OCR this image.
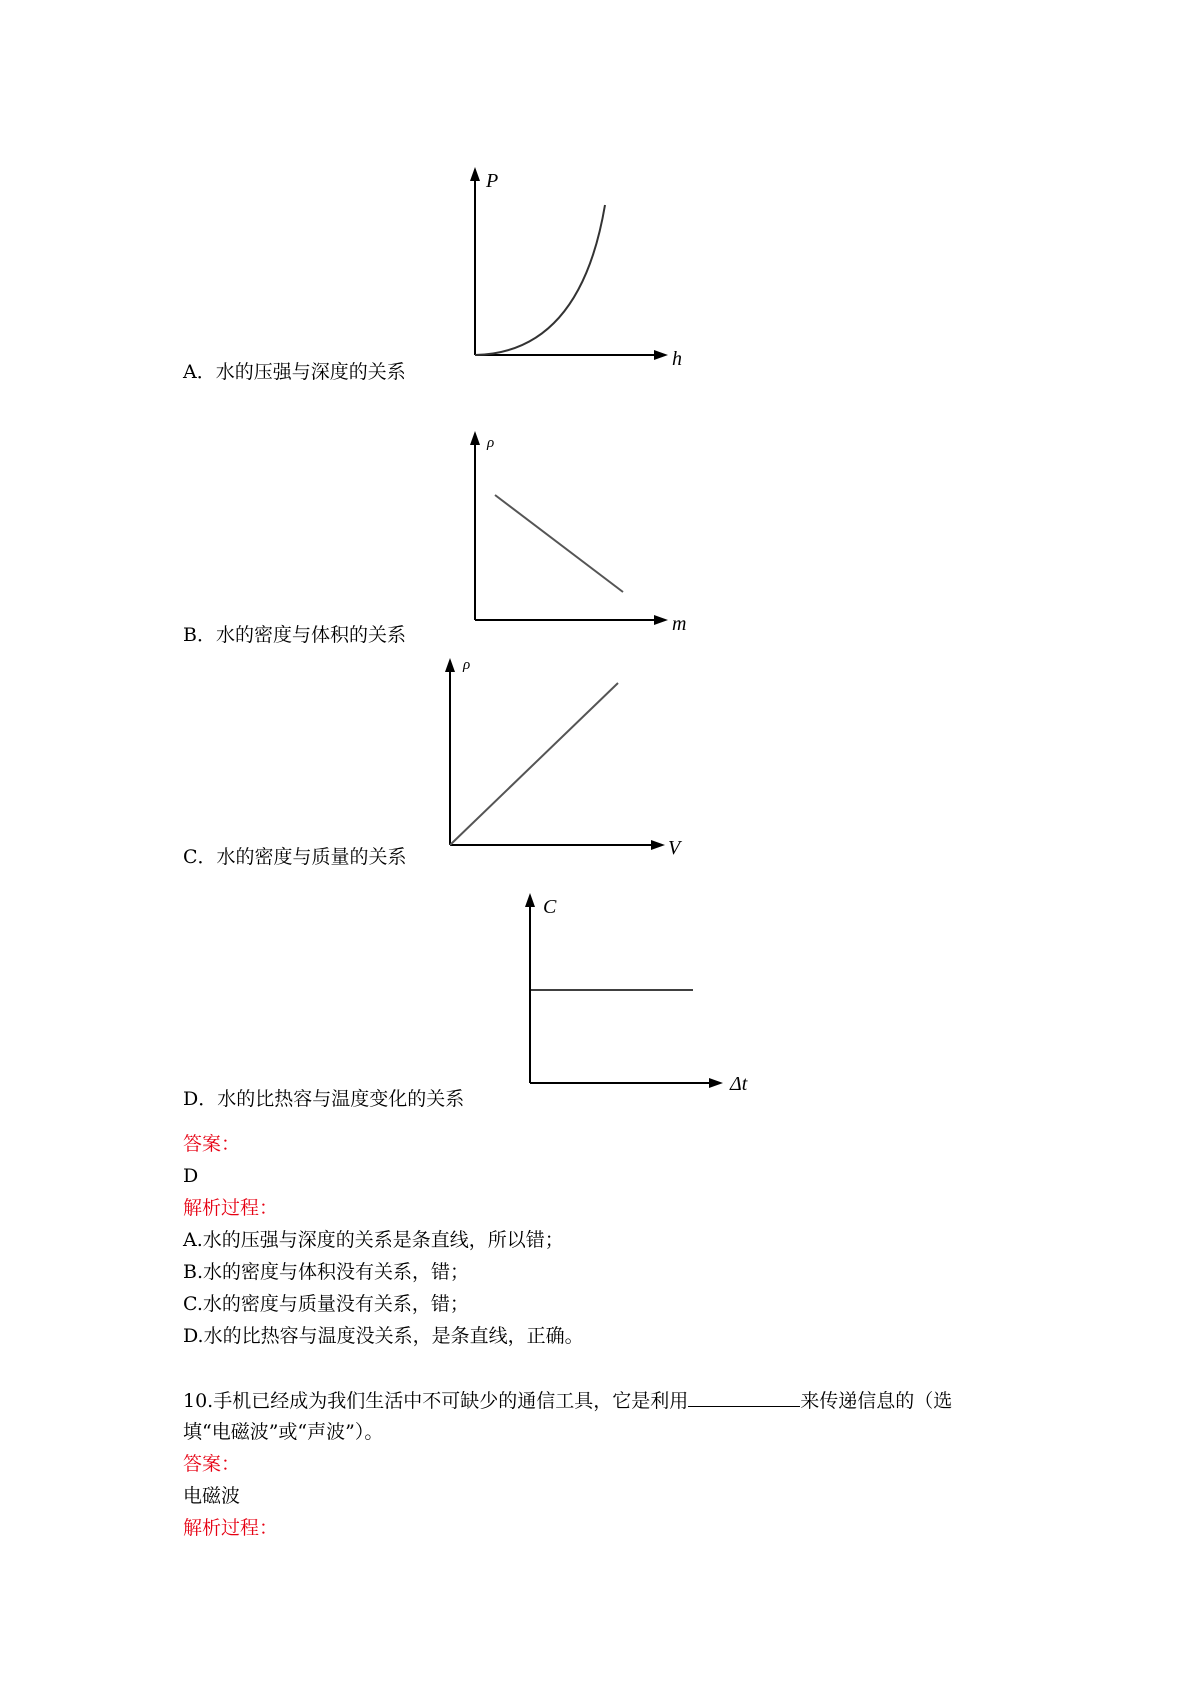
P
h
A．水的压强与深度的关系
ρ
m
B．水的密度与体积的关系
ρ
V
C．水的密度与质量的关系
C
Δt
D．水的比热容与温度变化的关系
答案：
D
解析过程：
A.水的压强与深度的关系是条直线，所以错；
B.水的密度与体积没有关系，错；
C.水的密度与质量没有关系，错；
D.水的比热容与温度没关系，是条直线，正确。
10.手机已经成为我们生活中不可缺少的通信工具，它是利用	来传递信息的（选
填“电磁波”或“声波”）。
答案：
电磁波
解析过程：
